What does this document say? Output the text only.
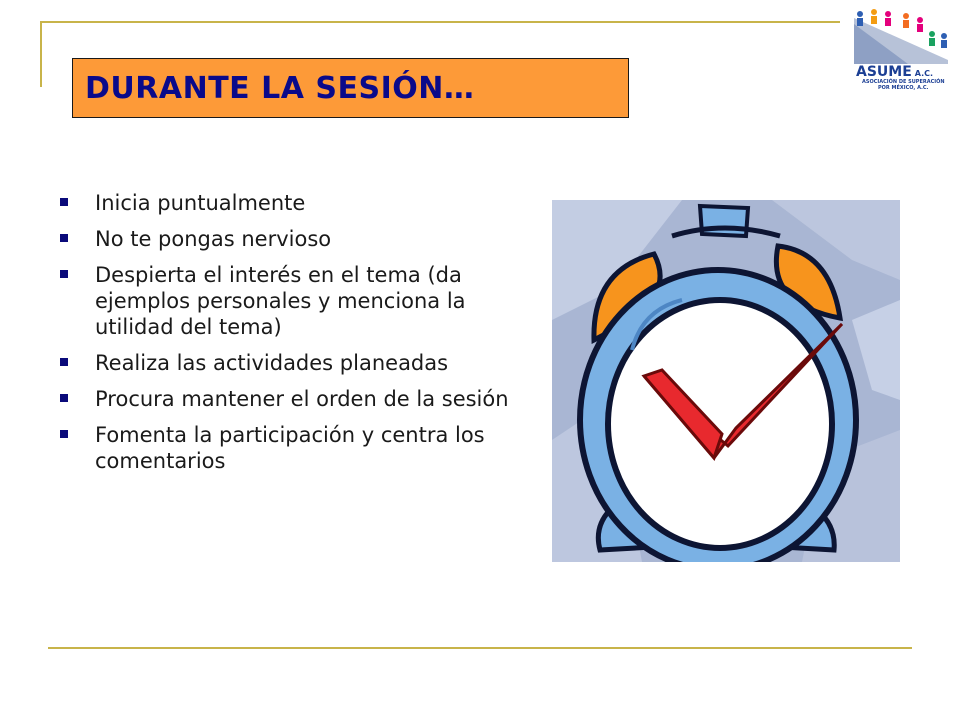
DURANTE LA SESIÓN…
Inicia puntualmente
No te pongas nervioso
Despierta el interés en el tema (da ejemplos personales y menciona la utilidad del tema)
Realiza las actividades planeadas
Procura mantener el orden de la sesión
Fomenta la participación y centra los comentarios
ASUME A.C.
ASOCIACIÓN DE SUPERACIÓN
POR MÉXICO, A.C.
